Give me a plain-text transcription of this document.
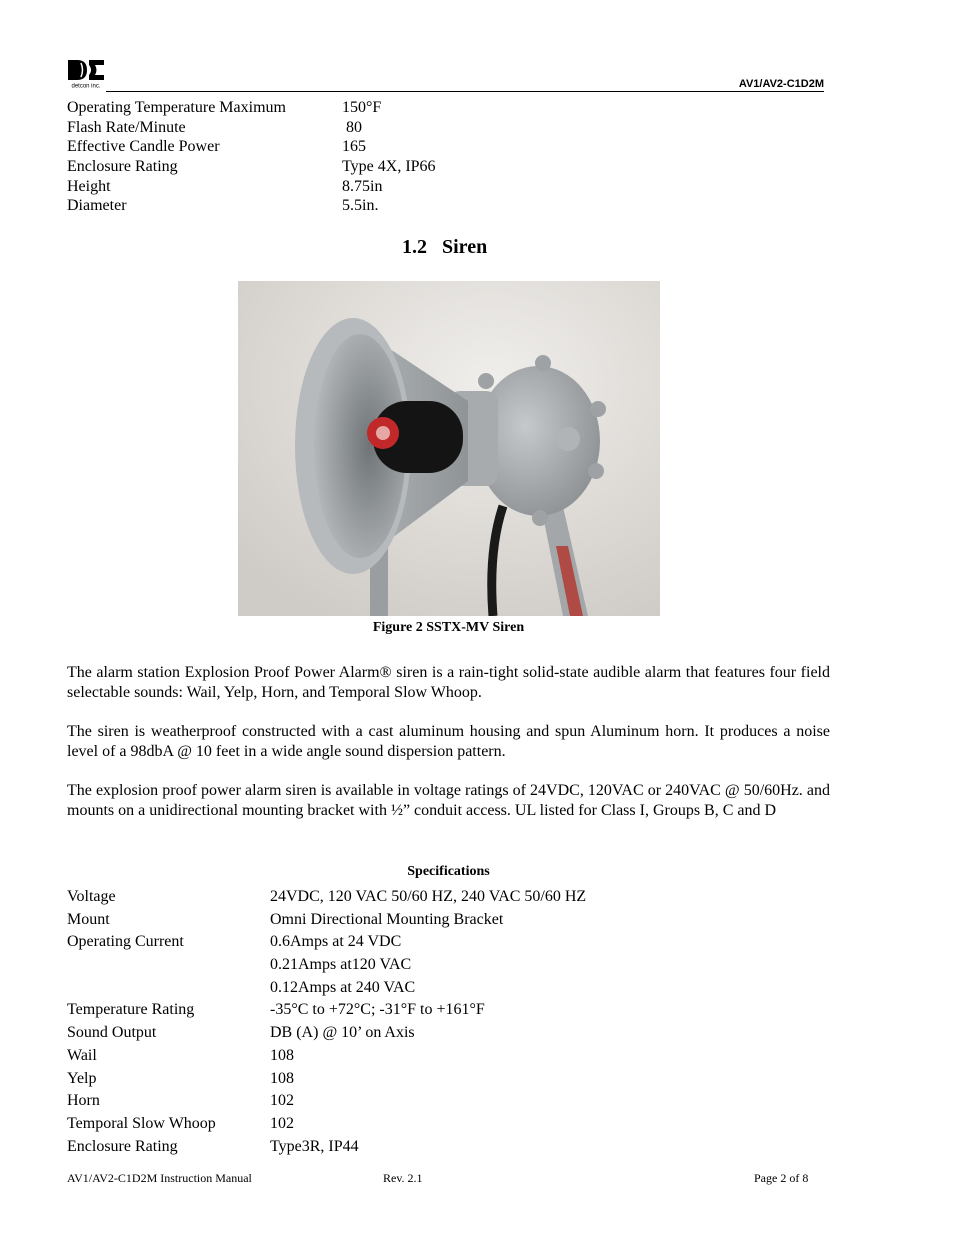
detcon inc.	AV1/AV2-C1D2M
Operating Temperature Maximum	150°F
Flash Rate/Minute	80
Effective Candle Power	165
Enclosure Rating	Type 4X, IP66
Height	8.75in
Diameter	5.5in.
1.2   Siren
Figure 2 SSTX-MV Siren
The alarm station Explosion Proof Power Alarm® siren is a rain-tight solid-state audible alarm that features four field selectable sounds: Wail, Yelp, Horn, and Temporal Slow Whoop.
The siren is weatherproof constructed with a cast aluminum housing and spun Aluminum horn. It produces a noise level of a 98dbA @ 10 feet in a wide angle sound dispersion pattern.
The explosion proof power alarm siren is available in voltage ratings of 24VDC, 120VAC or 240VAC @ 50/60Hz. and mounts on a unidirectional mounting bracket with ½” conduit access. UL listed for Class I, Groups B, C and D
Specifications
Voltage	24VDC, 120 VAC 50/60 HZ, 240 VAC 50/60 HZ
Mount	Omni Directional Mounting Bracket
Operating Current	0.6Amps at 24 VDC
0.21Amps at120 VAC
0.12Amps at 240 VAC
Temperature Rating	-35°C to +72°C; -31°F to +161°F
Sound Output	DB (A) @ 10’ on Axis
Wail	108
Yelp	108
Horn	102
Temporal Slow Whoop	102
Enclosure Rating	Type3R, IP44
AV1/AV2-C1D2M Instruction Manual	Rev. 2.1	Page 2 of 8
